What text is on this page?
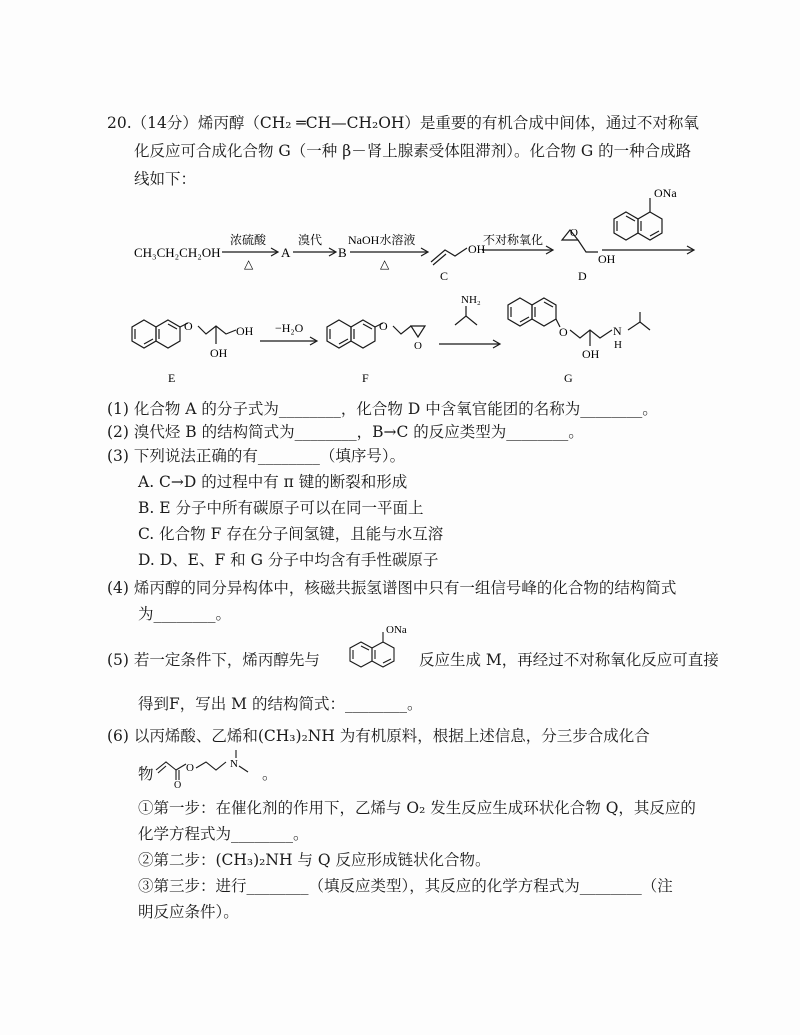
20.（14分）烯丙醇（CH₂ ═CH—CH₂OH）是重要的有机合成中间体，通过不对称氧
化反应可合成化合物 G（一种 β－肾上腺素受体阻滞剂）。化合物 G 的一种合成路
线如下：
CH₃CH₂CH₂OH
浓硫酸
△
A
溴代
B
NaOH水溶液
△
OH
C
不对称氧化 O
OH
D
ONa
O	OH
OH
E
−H₂O	O
O
F
NH₂
O
OH
N
H
G
(1) 化合物 A 的分子式为________，化合物 D 中含氧官能团的名称为________。
(2) 溴代烃 B 的结构简式为________，B→C 的反应类型为________。
(3) 下列说法正确的有________（填序号）。
A. C→D 的过程中有 π 键的断裂和形成
B. E 分子中所有碳原子可以在同一平面上
C. 化合物 F 存在分子间氢键，且能与水互溶
D. D、E、F 和 G 分子中均含有手性碳原子
(4) 烯丙醇的同分异构体中，核磁共振氢谱图中只有一组信号峰的化合物的结构简式
为________。
(5) 若一定条件下，烯丙醇先与
ONa
反应生成 M，再经过不对称氧化反应可直接
得到F，写出 M 的结构简式：________。
(6) 以丙烯酸、乙烯和(CH₃)₂NH 为有机原料，根据上述信息，分三步合成化合
物
O
O	N
。
①第一步：在催化剂的作用下，乙烯与 O₂ 发生反应生成环状化合物 Q，其反应的
化学方程式为________。
②第二步：(CH₃)₂NH 与 Q 反应形成链状化合物。
③第三步：进行________（填反应类型），其反应的化学方程式为________（注
明反应条件）。
